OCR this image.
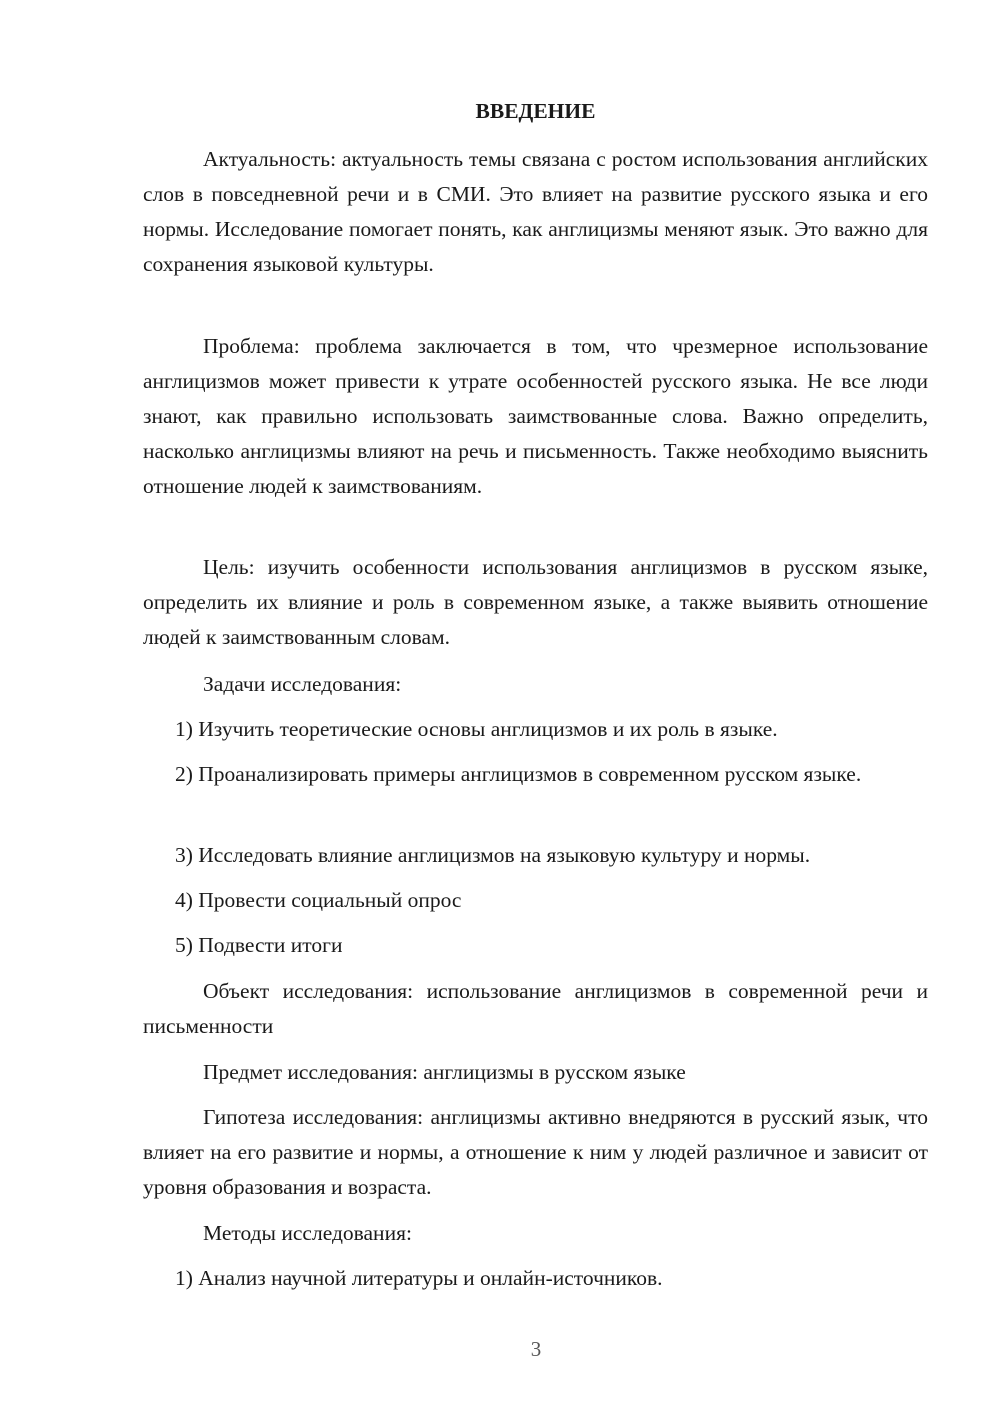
ВВЕДЕНИЕ

Актуальность: актуальность темы связана с ростом использования английских слов в повседневной речи и в СМИ. Это влияет на развитие русского языка и его нормы. Исследование помогает понять, как англицизмы меняют язык. Это важно для сохранения языковой культуры.

Проблема: проблема заключается в том, что чрезмерное использование англицизмов может привести к утрате особенностей русского языка. Не все люди знают, как правильно использовать заимствованные слова. Важно определить, насколько англицизмы влияют на речь и письменность. Также необходимо выяснить отношение людей к заимствованиям.

Цель: изучить особенности использования англицизмов в русском языке, определить их влияние и роль в современном языке, а также выявить отношение людей к заимствованным словам.

Задачи исследования:

1) Изучить теоретические основы англицизмов и их роль в языке.

2) Проанализировать примеры англицизмов в современном русском языке.

3) Исследовать влияние англицизмов на языковую культуру и нормы.

4) Провести социальный опрос

5) Подвести итоги

Объект исследования: использование англицизмов в современной речи и письменности

Предмет исследования: англицизмы в русском языке

Гипотеза исследования: англицизмы активно внедряются в русский язык, что влияет на его развитие и нормы, а отношение к ним у людей различное и зависит от уровня образования и возраста.

Методы исследования:

1) Анализ научной литературы и онлайн-источников.

3
